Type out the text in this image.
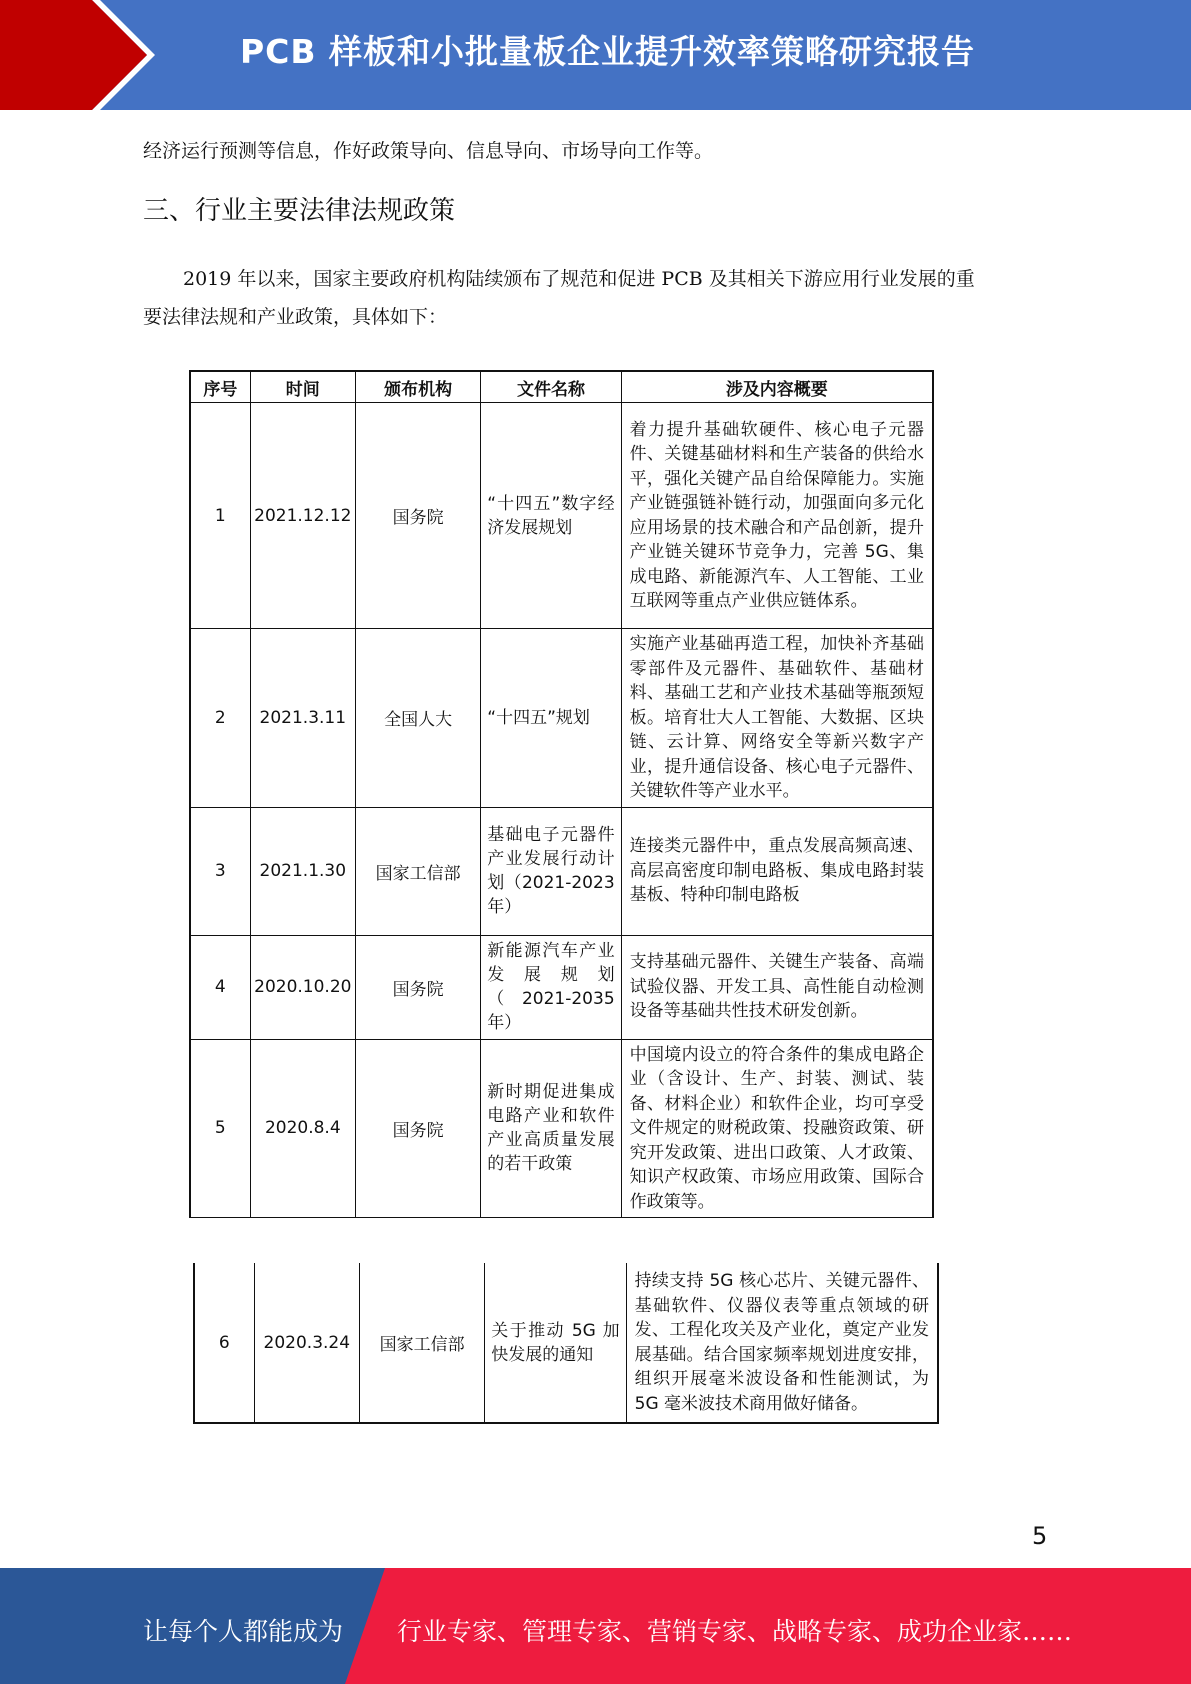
PCB 样板和小批量板企业提升效率策略研究报告
经济运行预测等信息，作好政策导向、信息导向、市场导向工作等。
三、行业主要法律法规政策
2019 年以来，国家主要政府机构陆续颁布了规范和促进 PCB 及其相关下游应用行业发展的重
要法律法规和产业政策，具体如下：
序号	时间	颁布机构	文件名称	涉及内容概要
1	2021.12.12	国务院	“十四五”数字经济发展规划	着力提升基础软硬件、核心电子元器件、关键基础材料和生产装备的供给水平，强化关键产品自给保障能力。实施产业链强链补链行动，加强面向多元化应用场景的技术融合和产品创新，提升产业链关键环节竞争力，完善 5G、集成电路、新能源汽车、人工智能、工业互联网等重点产业供应链体系。
2	2021.3.11	全国人大	“十四五”规划	实施产业基础再造工程，加快补齐基础零部件及元器件、基础软件、基础材料、基础工艺和产业技术基础等瓶颈短板。培育壮大人工智能、大数据、区块链、云计算、网络安全等新兴数字产业，提升通信设备、核心电子元器件、关键软件等产业水平。
3	2021.1.30	国家工信部	基础电子元器件产业发展行动计划（2021-2023年）	连接类元器件中，重点发展高频高速、高层高密度印制电路板、集成电路封装基板、特种印制电路板
4	2020.10.20	国务院	新能源汽车产业发展规划（2021-2035年）	支持基础元器件、关键生产装备、高端试验仪器、开发工具、高性能自动检测设备等基础共性技术研发创新。
5	2020.8.4	国务院	新时期促进集成电路产业和软件产业高质量发展的若干政策	中国境内设立的符合条件的集成电路企业（含设计、生产、封装、测试、装备、材料企业）和软件企业，均可享受文件规定的财税政策、投融资政策、研究开发政策、进出口政策、人才政策、知识产权政策、市场应用政策、国际合作政策等。
6	2020.3.24	国家工信部	关于推动 5G 加快发展的通知	持续支持 5G 核心芯片、关键元器件、基础软件、仪器仪表等重点领域的研发、工程化攻关及产业化，奠定产业发展基础。结合国家频率规划进度安排，组织开展毫米波设备和性能测试，为 5G 毫米波技术商用做好储备。
5
让每个人都能成为 行业专家、管理专家、营销专家、战略专家、成功企业家……
